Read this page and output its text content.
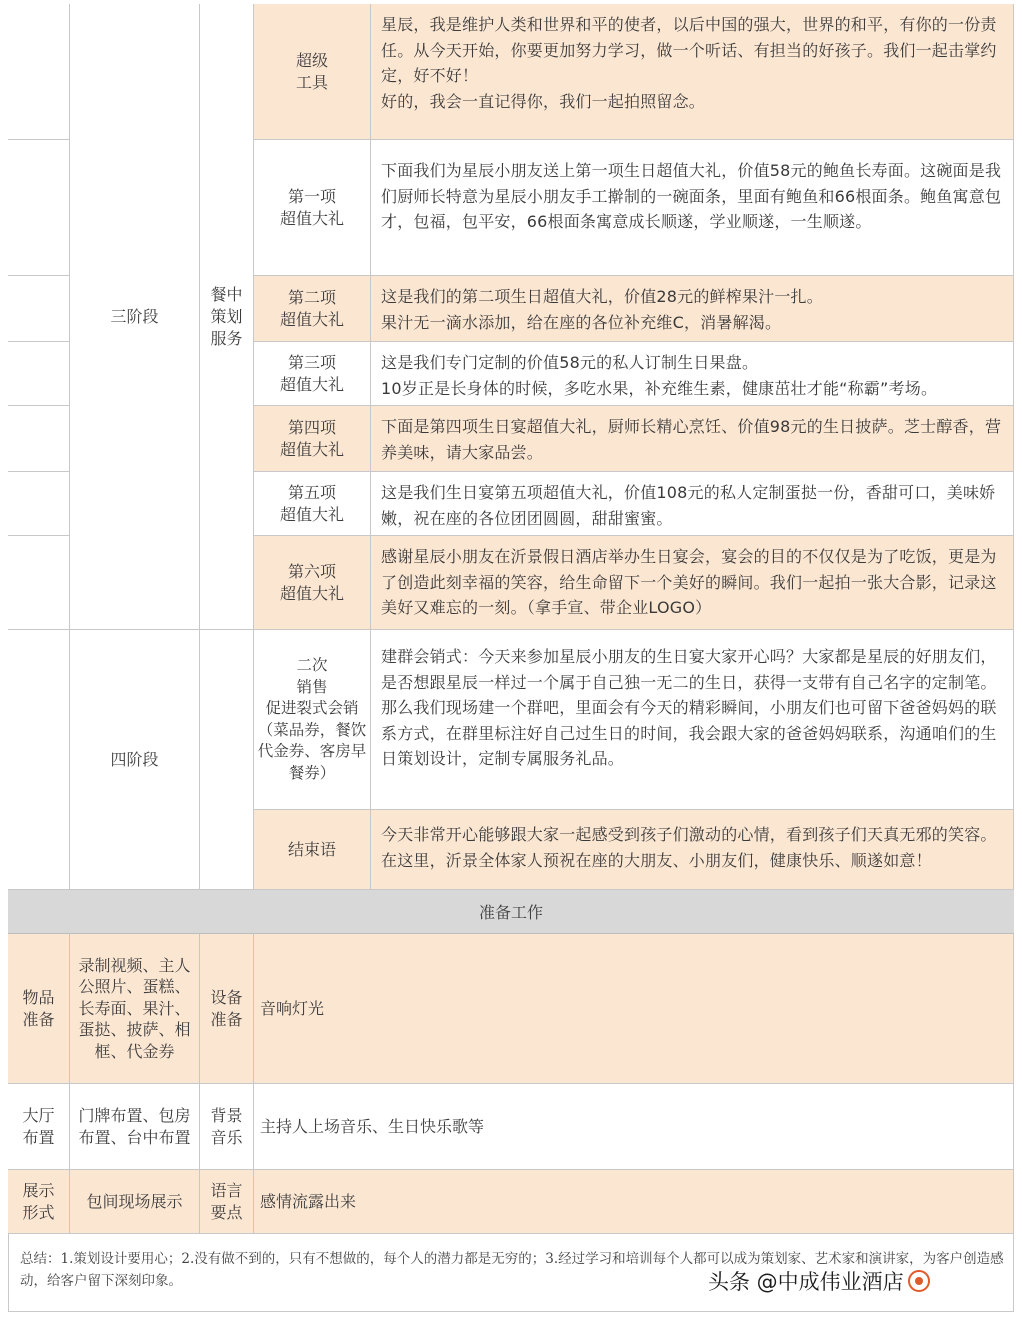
三阶段
四阶段
餐中
策划
服务
超级
工具
星辰，我是维护人类和世界和平的使者，以后中国的强大，世界的和平，有你的一份责任。从今天开始，你要更加努力学习，做一个听话、有担当的好孩子。我们一起击掌约定，好不好！
好的，我会一直记得你，我们一起拍照留念。
第一项
超值大礼
下面我们为星辰小朋友送上第一项生日超值大礼，价值58元的鲍鱼长寿面。这碗面是我们厨师长特意为星辰小朋友手工擀制的一碗面条，里面有鲍鱼和66根面条。鲍鱼寓意包才，包福，包平安，66根面条寓意成长顺遂，学业顺遂，一生顺遂。
第二项
超值大礼
这是我们的第二项生日超值大礼，价值28元的鲜榨果汁一扎。
果汁无一滴水添加，给在座的各位补充维C，消暑解渴。
第三项
超值大礼
这是我们专门定制的价值58元的私人订制生日果盘。
10岁正是长身体的时候，多吃水果，补充维生素，健康茁壮才能“称霸”考场。
第四项
超值大礼
下面是第四项生日宴超值大礼，厨师长精心烹饪、价值98元的生日披萨。芝士醇香，营养美味，请大家品尝。
第五项
超值大礼
这是我们生日宴第五项超值大礼，价值108元的私人定制蛋挞一份，香甜可口，美味娇嫩，祝在座的各位团团圆圆，甜甜蜜蜜。
第六项
超值大礼
感谢星辰小朋友在沂景假日酒店举办生日宴会，宴会的目的不仅仅是为了吃饭，更是为了创造此刻幸福的笑容，给生命留下一个美好的瞬间。我们一起拍一张大合影，记录这美好又难忘的一刻。（拿手宣、带企业LOGO）
二次
销售
促进裂式会销
（菜品券，餐饮代金券、客房早餐券）
建群会销式：今天来参加星辰小朋友的生日宴大家开心吗？大家都是星辰的好朋友们，是否想跟星辰一样过一个属于自己独一无二的生日，获得一支带有自己名字的定制笔。那么我们现场建一个群吧，里面会有今天的精彩瞬间，小朋友们也可留下爸爸妈妈的联系方式，在群里标注好自己过生日的时间，我会跟大家的爸爸妈妈联系，沟通咱们的生日策划设计，定制专属服务礼品。
结束语
今天非常开心能够跟大家一起感受到孩子们激动的心情，看到孩子们天真无邪的笑容。在这里，沂景全体家人预祝在座的大朋友、小朋友们，健康快乐、顺遂如意！
准备工作
物品
准备
录制视频、主人公照片、蛋糕、长寿面、果汁、蛋挞、披萨、相框、代金券
设备
准备
音响灯光
大厅
布置
门牌布置、包房布置、台中布置
背景
音乐
主持人上场音乐、生日快乐歌等
展示
形式
包间现场展示
语言
要点
感情流露出来
总结：1.策划设计要用心；2.没有做不到的，只有不想做的，每个人的潜力都是无穷的；3.经过学习和培训每个人都可以成为策划家、艺术家和演讲家，为客户创造感动，给客户留下深刻印象。	头条 @中成伟业酒店
